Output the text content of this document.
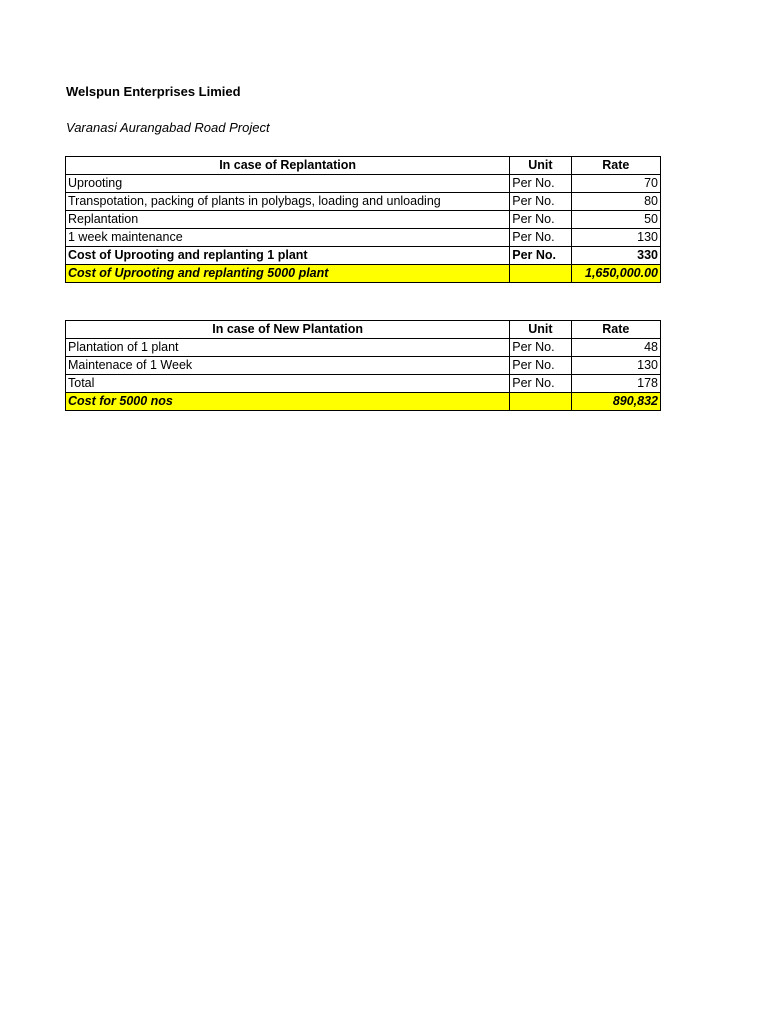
Welspun Enterprises Limied
Varanasi Aurangabad Road Project
In case of Replantation	Unit	Rate
Uprooting	Per No.	70
Transpotation, packing of plants in polybags, loading and unloading	Per No.	80
Replantation	Per No.	50
1 week maintenance	Per No.	130
Cost of Uprooting and replanting 1 plant	Per No.	330
Cost of Uprooting and replanting 5000 plant		1,650,000.00
In case of New Plantation	Unit	Rate
Plantation of 1 plant	Per No.	48
Maintenace of 1 Week	Per No.	130
Total	Per No.	178
Cost for 5000 nos		890,832
